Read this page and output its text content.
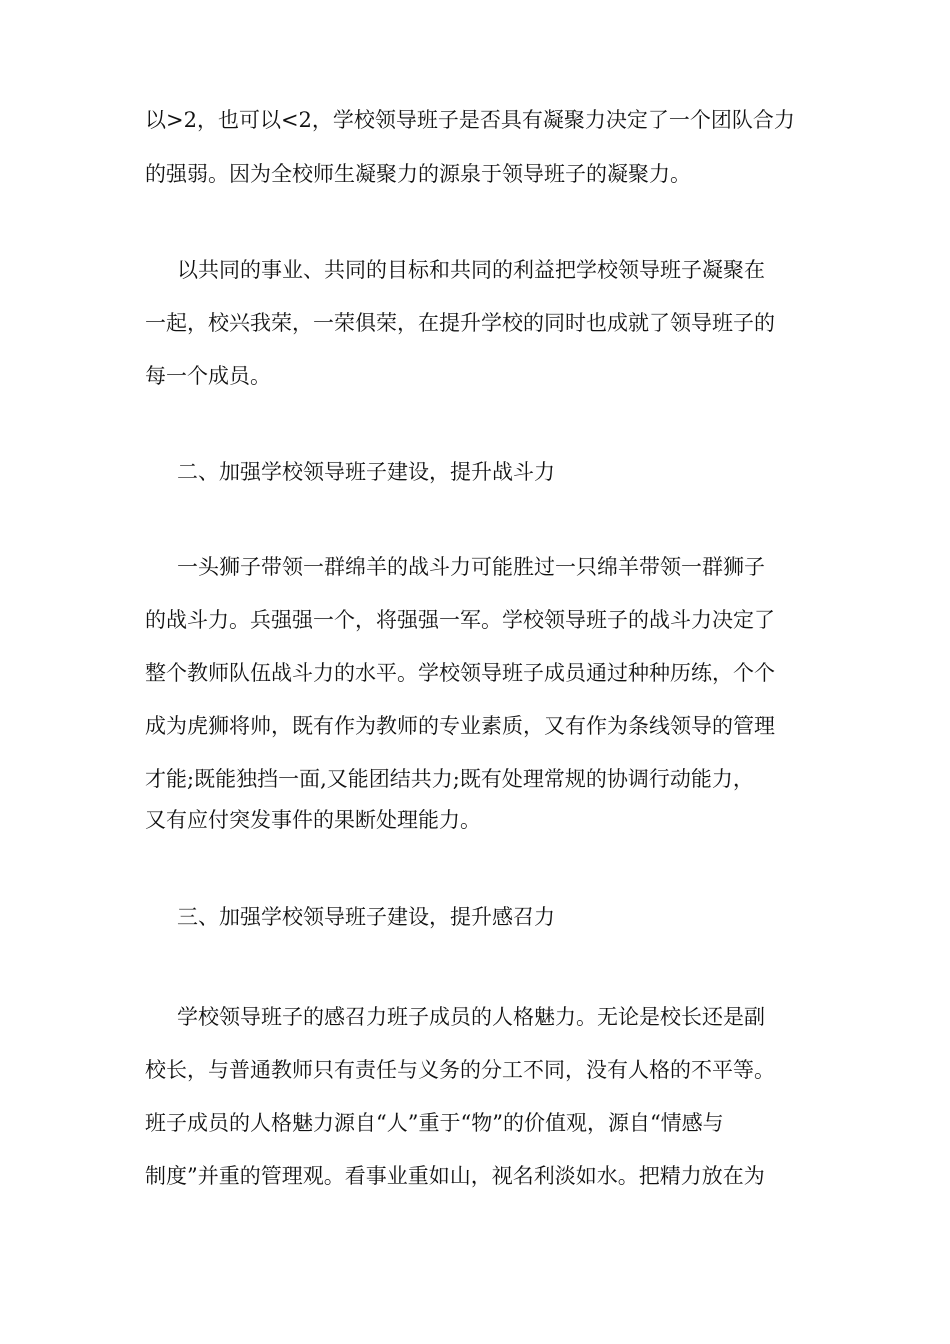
以>2，也可以<2，学校领导班子是否具有凝聚力决定了一个团队合力
的强弱。因为全校师生凝聚力的源泉于领导班子的凝聚力。
以共同的事业、共同的目标和共同的利益把学校领导班子凝聚在
一起，校兴我荣，一荣俱荣，在提升学校的同时也成就了领导班子的
每一个成员。
二、加强学校领导班子建设，提升战斗力
一头狮子带领一群绵羊的战斗力可能胜过一只绵羊带领一群狮子
的战斗力。兵强强一个，将强强一军。学校领导班子的战斗力决定了
整个教师队伍战斗力的水平。学校领导班子成员通过种种历练，个个
成为虎狮将帅，既有作为教师的专业素质，又有作为条线领导的管理
才能;既能独挡一面,又能团结共力;既有处理常规的协调行动能力，
又有应付突发事件的果断处理能力。
三、加强学校领导班子建设，提升感召力
学校领导班子的感召力班子成员的人格魅力。无论是校长还是副
校长，与普通教师只有责任与义务的分工不同，没有人格的不平等。
班子成员的人格魅力源自“人”重于“物”的价值观，源自“情感与
制度”并重的管理观。看事业重如山，视名利淡如水。把精力放在为
